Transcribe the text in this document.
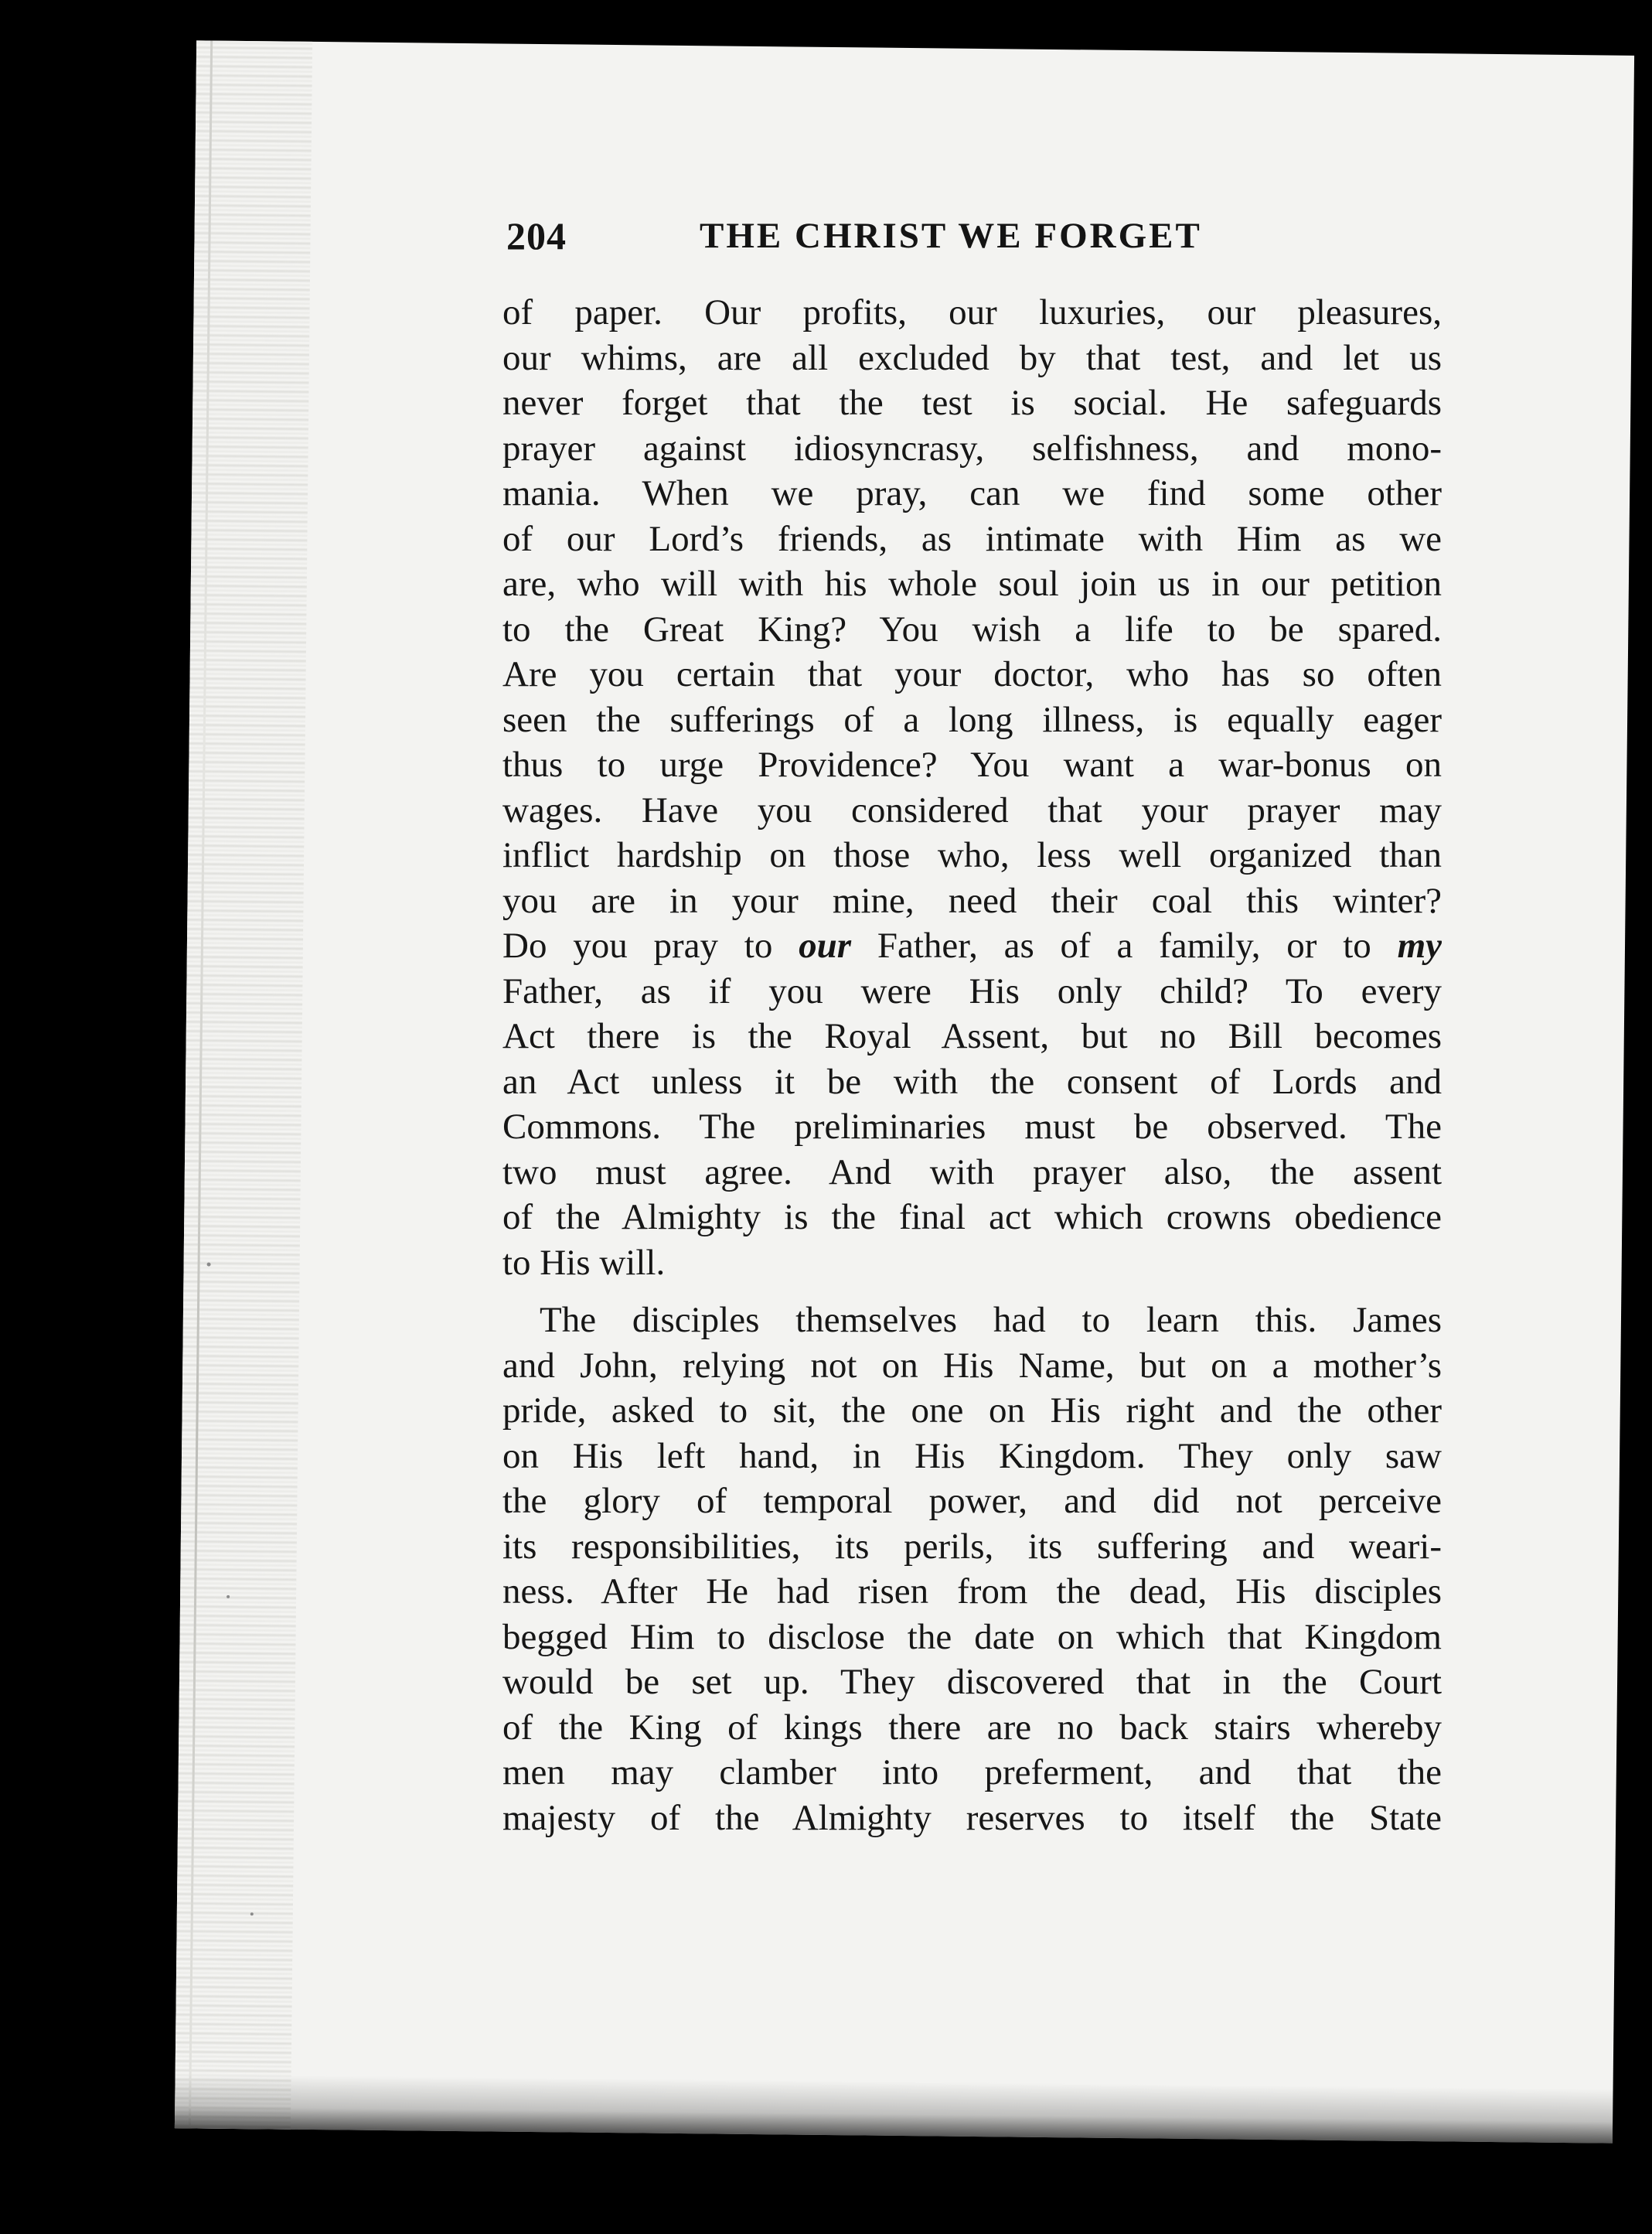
204	THE CHRIST WE FORGET
of paper. Our profits, our luxuries, our pleasures,
our whims, are all excluded by that test, and let us
never forget that the test is social. He safeguards
prayer against idiosyncrasy, selfishness, and mono-
mania. When we pray, can we find some other
of our Lord’s friends, as intimate with Him as we
are, who will with his whole soul join us in our petition
to the Great King? You wish a life to be spared.
Are you certain that your doctor, who has so often
seen the sufferings of a long illness, is equally eager
thus to urge Providence? You want a war-bonus on
wages. Have you considered that your prayer may
inflict hardship on those who, less well organized than
you are in your mine, need their coal this winter?
Do you pray to our Father, as of a family, or to my
Father, as if you were His only child? To every
Act there is the Royal Assent, but no Bill becomes
an Act unless it be with the consent of Lords and
Commons. The preliminaries must be observed. The
two must agree. And with prayer also, the assent
of the Almighty is the final act which crowns obedience
to His will.
The disciples themselves had to learn this. James
and John, relying not on His Name, but on a mother’s
pride, asked to sit, the one on His right and the other
on His left hand, in His Kingdom. They only saw
the glory of temporal power, and did not perceive
its responsibilities, its perils, its suffering and weari-
ness. After He had risen from the dead, His disciples
begged Him to disclose the date on which that Kingdom
would be set up. They discovered that in the Court
of the King of kings there are no back stairs whereby
men may clamber into preferment, and that the
majesty of the Almighty reserves to itself the State
